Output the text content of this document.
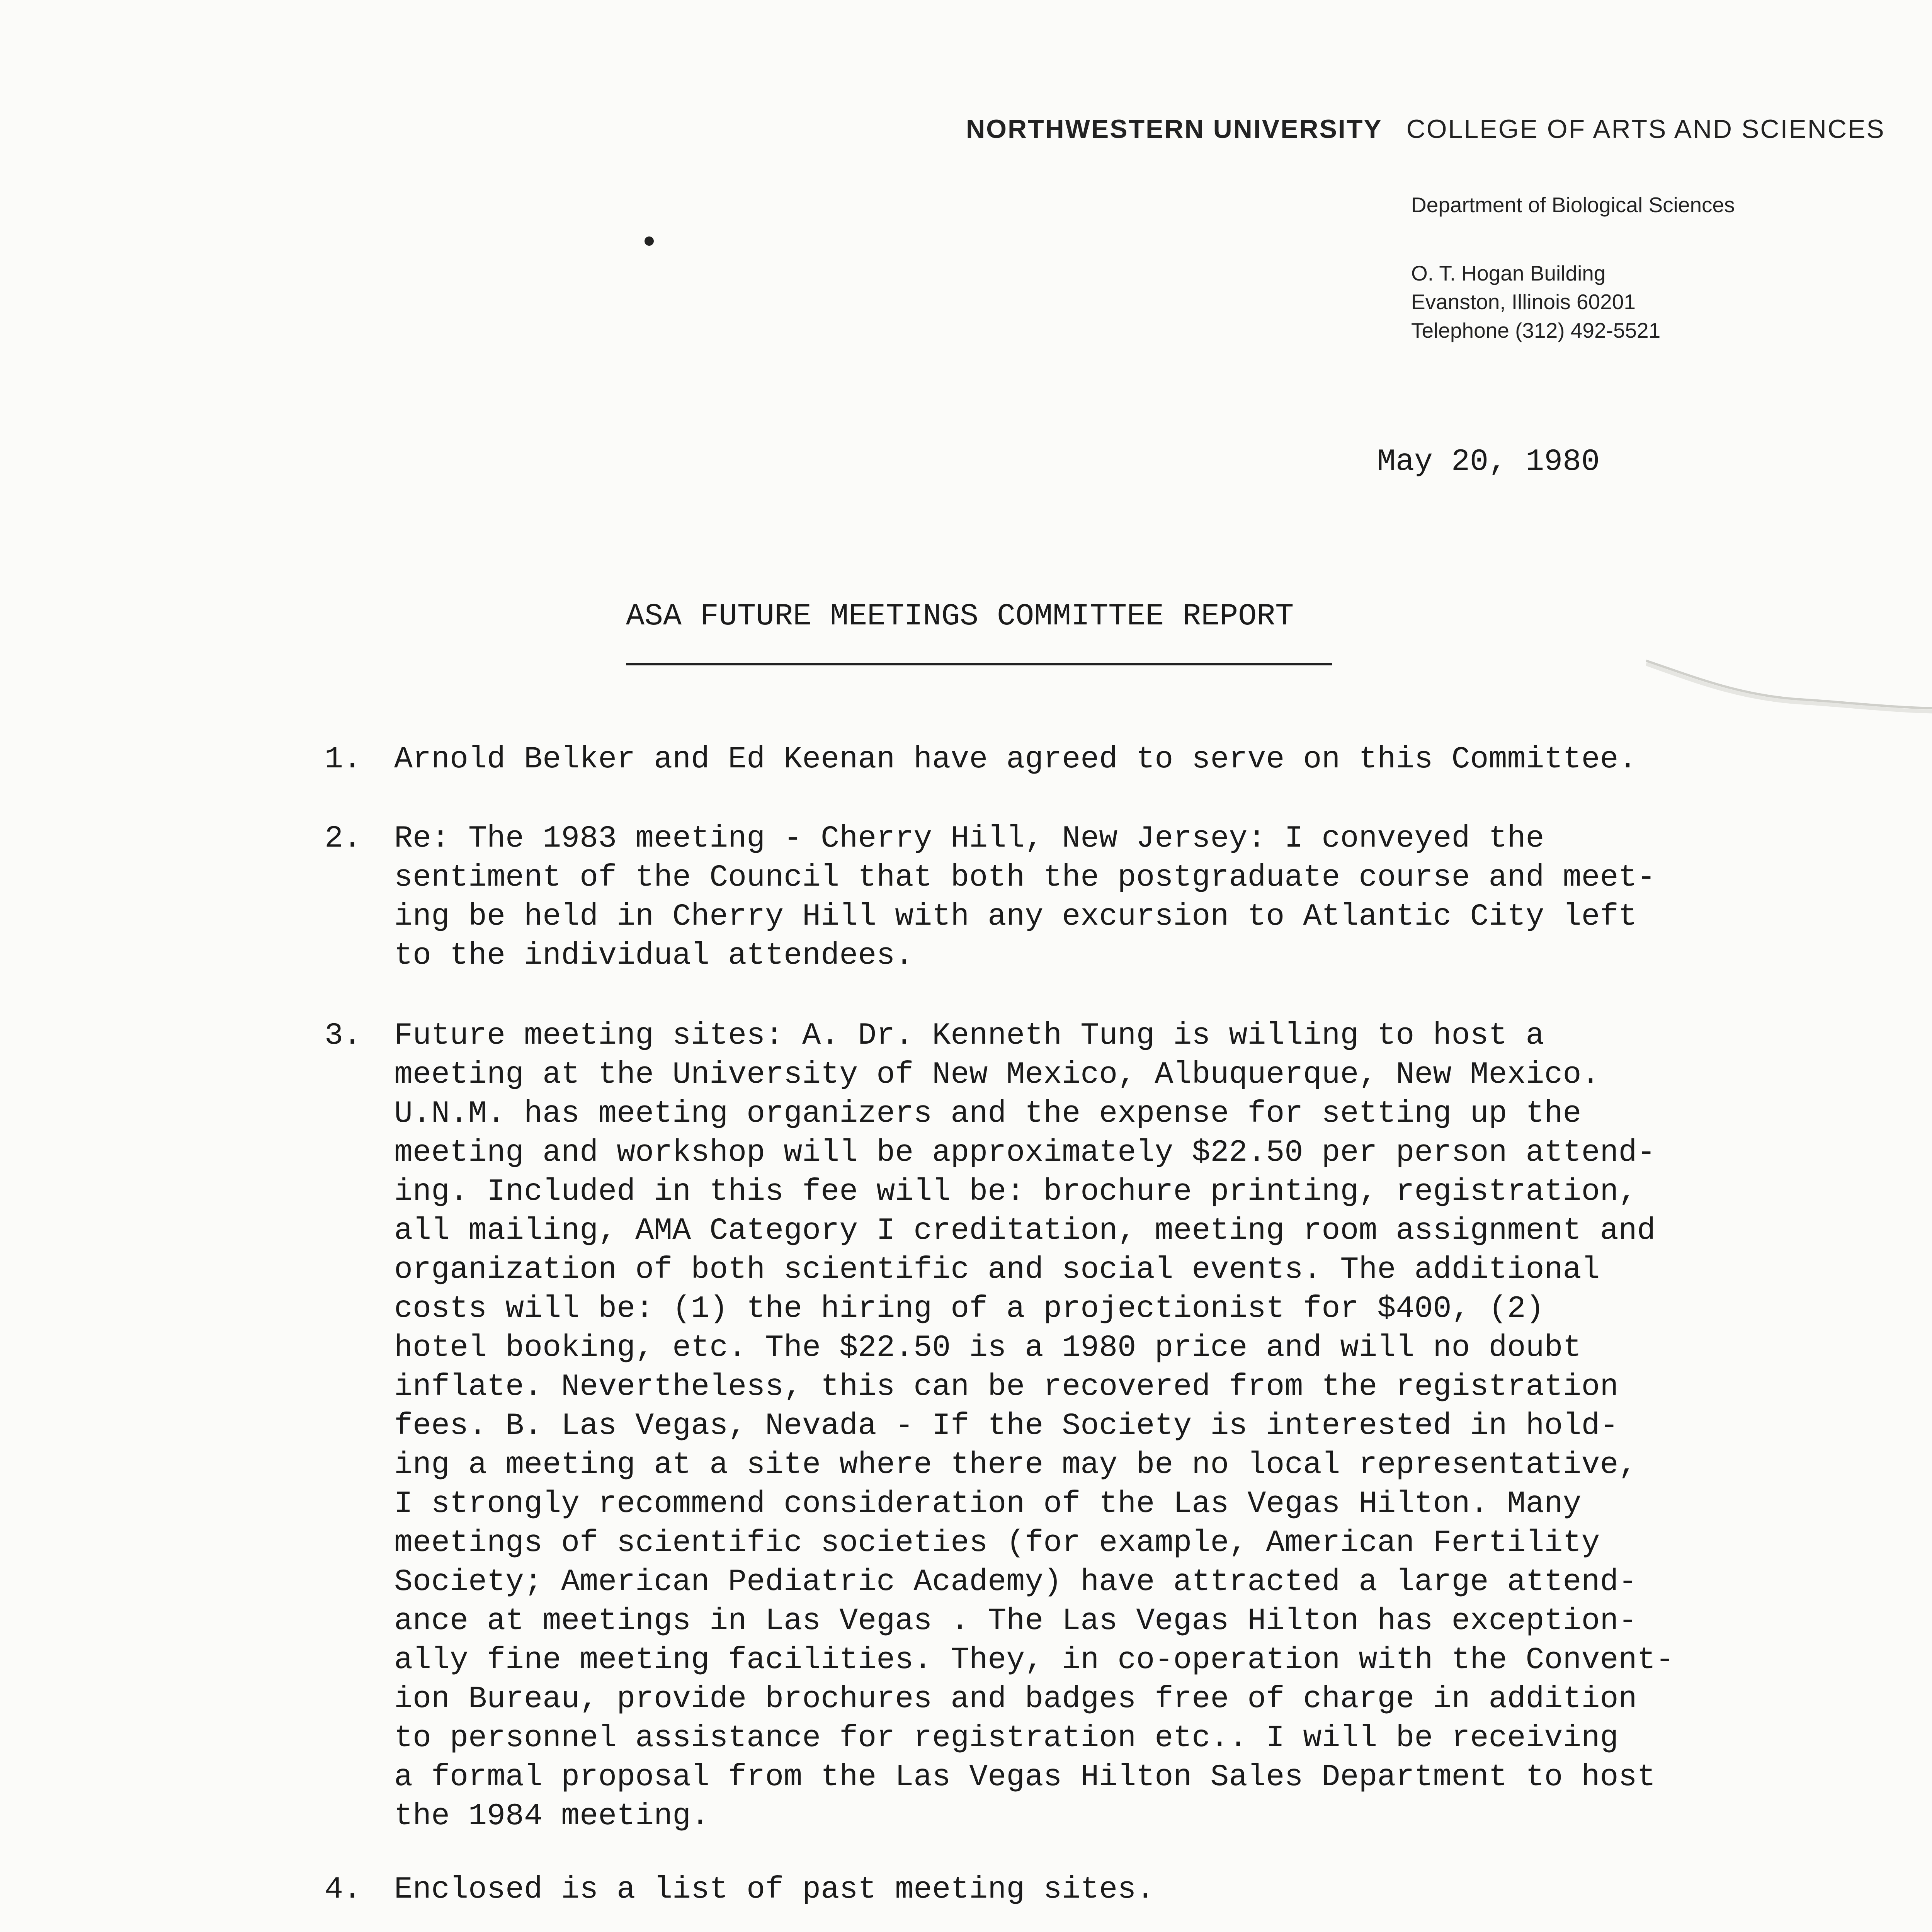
NORTHWESTERN UNIVERSITY COLLEGE OF ARTS AND SCIENCES
Department of Biological Sciences
O. T. Hogan Building
Evanston, Illinois 60201
Telephone (312) 492-5521
May 20, 1980
ASA FUTURE MEETINGS COMMITTEE REPORT
1. Arnold Belker and Ed Keenan have agreed to serve on this Committee.
2. Re: The 1983 meeting - Cherry Hill, New Jersey: I conveyed the
sentiment of the Council that both the postgraduate course and meet-
ing be held in Cherry Hill with any excursion to Atlantic City left
to the individual attendees.
3. Future meeting sites: A. Dr. Kenneth Tung is willing to host a
meeting at the University of New Mexico, Albuquerque, New Mexico.
U.N.M. has meeting organizers and the expense for setting up the
meeting and workshop will be approximately $22.50 per person attend-
ing. Included in this fee will be: brochure printing, registration,
all mailing, AMA Category I creditation, meeting room assignment and
organization of both scientific and social events. The additional
costs will be: (1) the hiring of a projectionist for $400, (2)
hotel booking, etc. The $22.50 is a 1980 price and will no doubt
inflate. Nevertheless, this can be recovered from the registration
fees. B. Las Vegas, Nevada - If the Society is interested in hold-
ing a meeting at a site where there may be no local representative,
I strongly recommend consideration of the Las Vegas Hilton. Many
meetings of scientific societies (for example, American Fertility
Society; American Pediatric Academy) have attracted a large attend-
ance at meetings in Las Vegas . The Las Vegas Hilton has exception-
ally fine meeting facilities. They, in co-operation with the Convent-
ion Bureau, provide brochures and badges free of charge in addition
to personnel assistance for registration etc.. I will be receiving
a formal proposal from the Las Vegas Hilton Sales Department to host
the 1984 meeting.
4. Enclosed is a list of past meeting sites.
